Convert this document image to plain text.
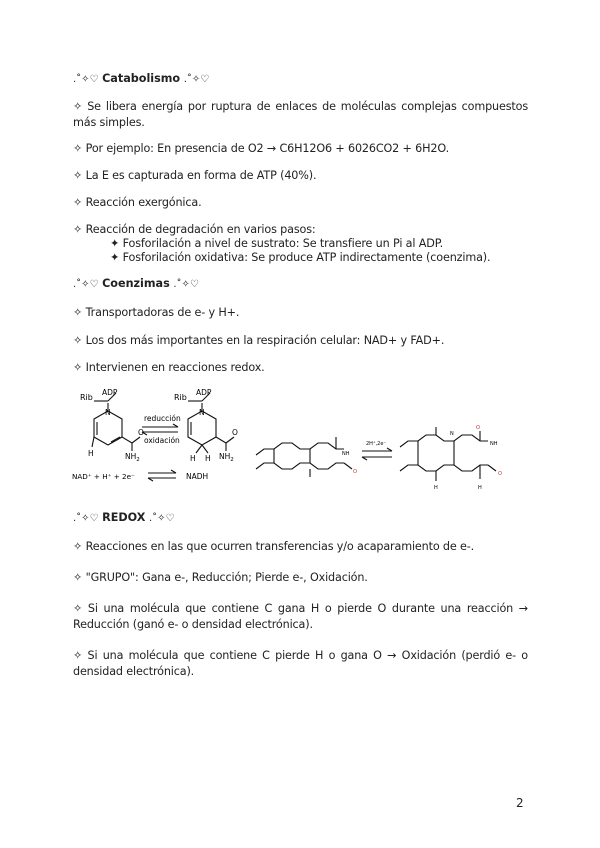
.˚✧♡ Catabolismo .˚✧♡
✧ Se libera energía por ruptura de enlaces de moléculas complejas compuestos más simples.
✧ Por ejemplo: En presencia de O2 → C6H12O6 + 6026CO2 + 6H2O.
✧ La E es capturada en forma de ATP (40%).
✧ Reacción exergónica.
✧ Reacción de degradación en varios pasos:
✦ Fosforilación a nivel de sustrato: Se transfiere un Pi al ADP.
✦ Fosforilación oxidativa: Se produce ATP indirectamente (coenzima).
.˚✧♡ Coenzimas .˚✧♡
✧ Transportadoras de e- y H+.
✧ Los dos más importantes en la respiración celular: NAD+ y FAD+.
✧ Intervienen en reacciones redox.
Rib
ADP
N
O
H	$NH_2$
reducción
oxidación
Rib
ADP
N
O
H H $NH_2$
NAD⁺ + H⁺ + 2e⁻	NADH
2H⁺,2e⁻
NH
O
N
O
NH
O
H	H
.˚✧♡ REDOX .˚✧♡
✧ Reacciones en las que ocurren transferencias y/o acaparamiento de e-.
✧ "GRUPO": Gana e-, Reducción; Pierde e-, Oxidación.
✧ Si una molécula que contiene C gana H o pierde O durante una reacción → Reducción (ganó e- o densidad electrónica).
✧ Si una molécula que contiene C pierde H o gana O → Oxidación (perdió e- o densidad electrónica).
2
